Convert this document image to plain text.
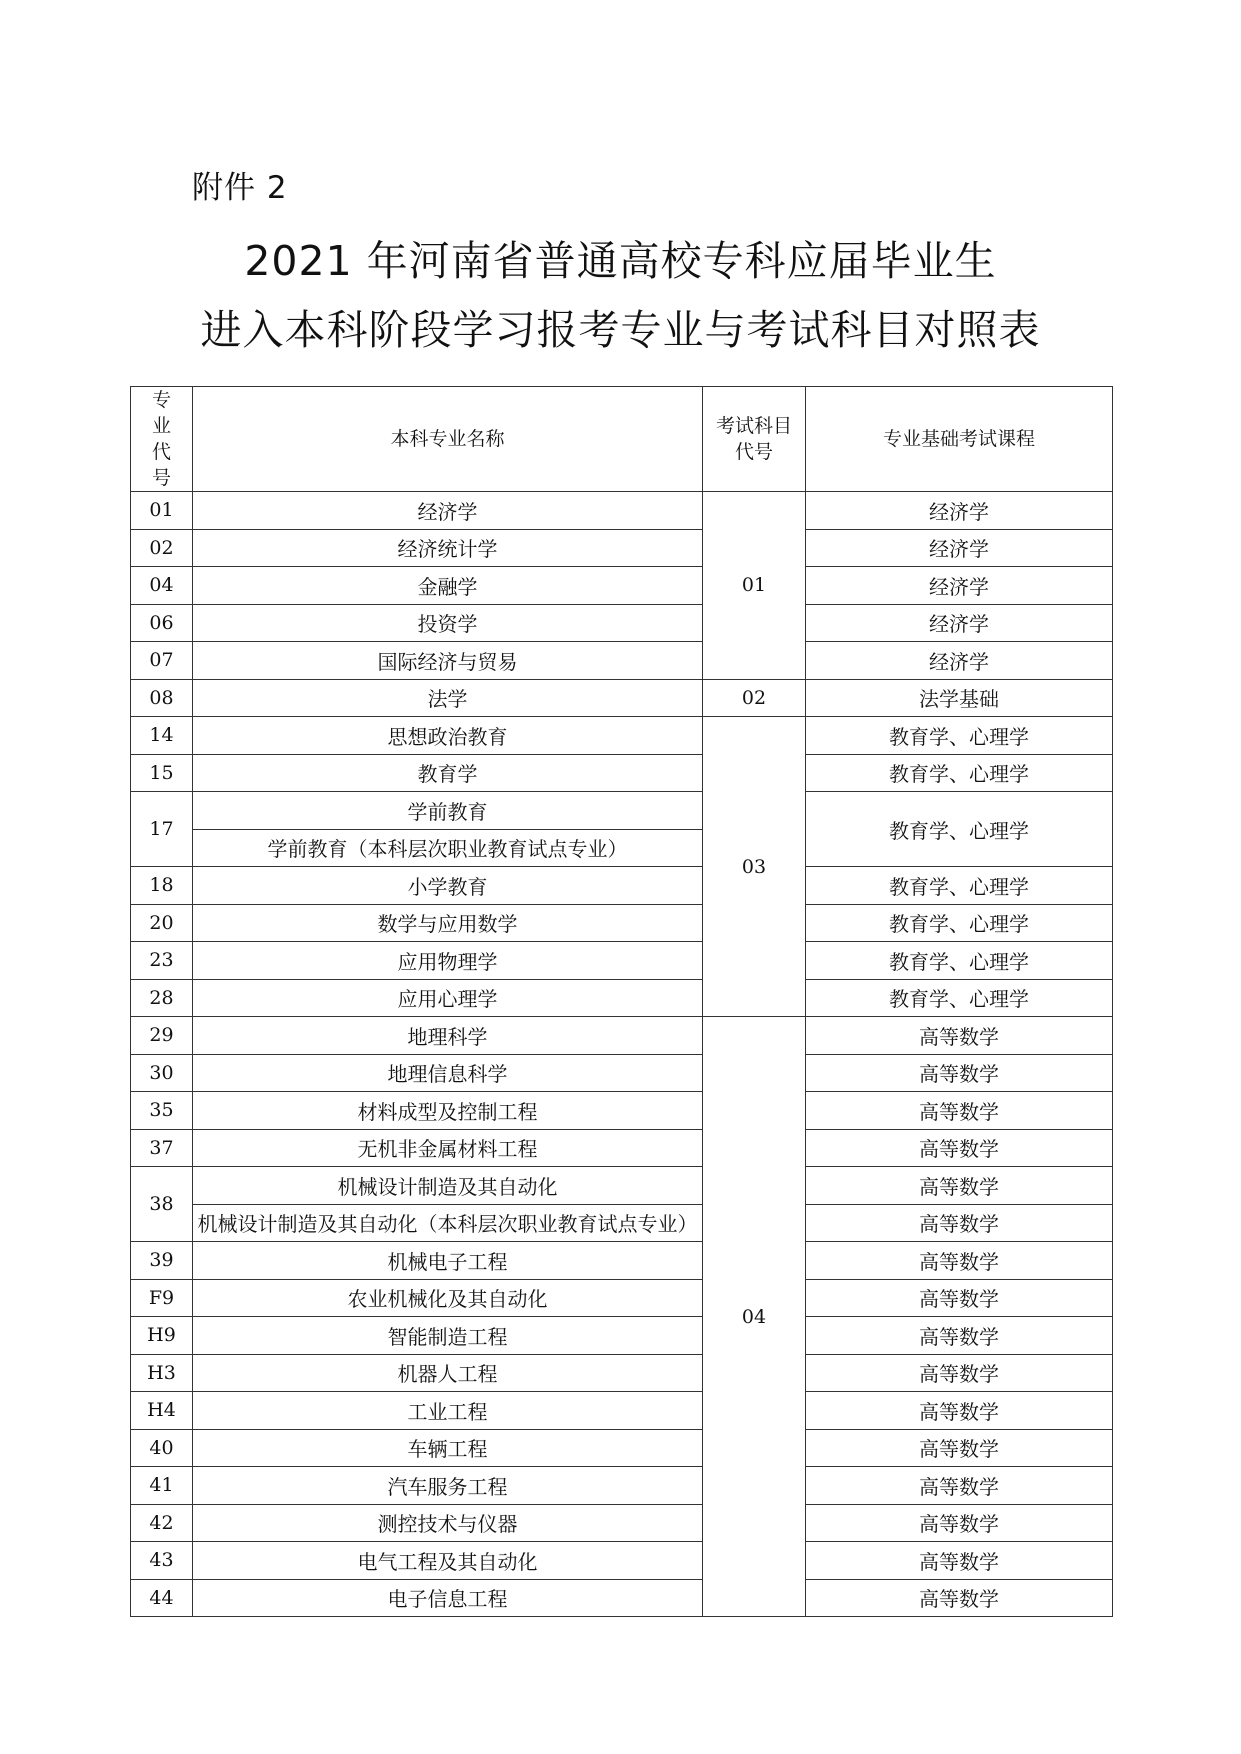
附件 2
2021 年河南省普通高校专科应届毕业生
进入本科阶段学习报考专业与考试科目对照表
专业代号	本科专业名称	考试科目代号	专业基础考试课程
01	经济学	01	经济学
02	经济统计学		经济学
04	金融学		经济学
06	投资学		经济学
07	国际经济与贸易		经济学
08	法学	02	法学基础
14	思想政治教育	03	教育学、心理学
15	教育学		教育学、心理学
17	学前教育		教育学、心理学
	学前教育（本科层次职业教育试点专业）		
18	小学教育		教育学、心理学
20	数学与应用数学		教育学、心理学
23	应用物理学		教育学、心理学
28	应用心理学		教育学、心理学
29	地理科学	04	高等数学
30	地理信息科学		高等数学
35	材料成型及控制工程		高等数学
37	无机非金属材料工程		高等数学
38	机械设计制造及其自动化		高等数学
	机械设计制造及其自动化（本科层次职业教育试点专业）		高等数学
39	机械电子工程		高等数学
F9	农业机械化及其自动化		高等数学
H9	智能制造工程		高等数学
H3	机器人工程		高等数学
H4	工业工程		高等数学
40	车辆工程		高等数学
41	汽车服务工程		高等数学
42	测控技术与仪器		高等数学
43	电气工程及其自动化		高等数学
44	电子信息工程		高等数学
